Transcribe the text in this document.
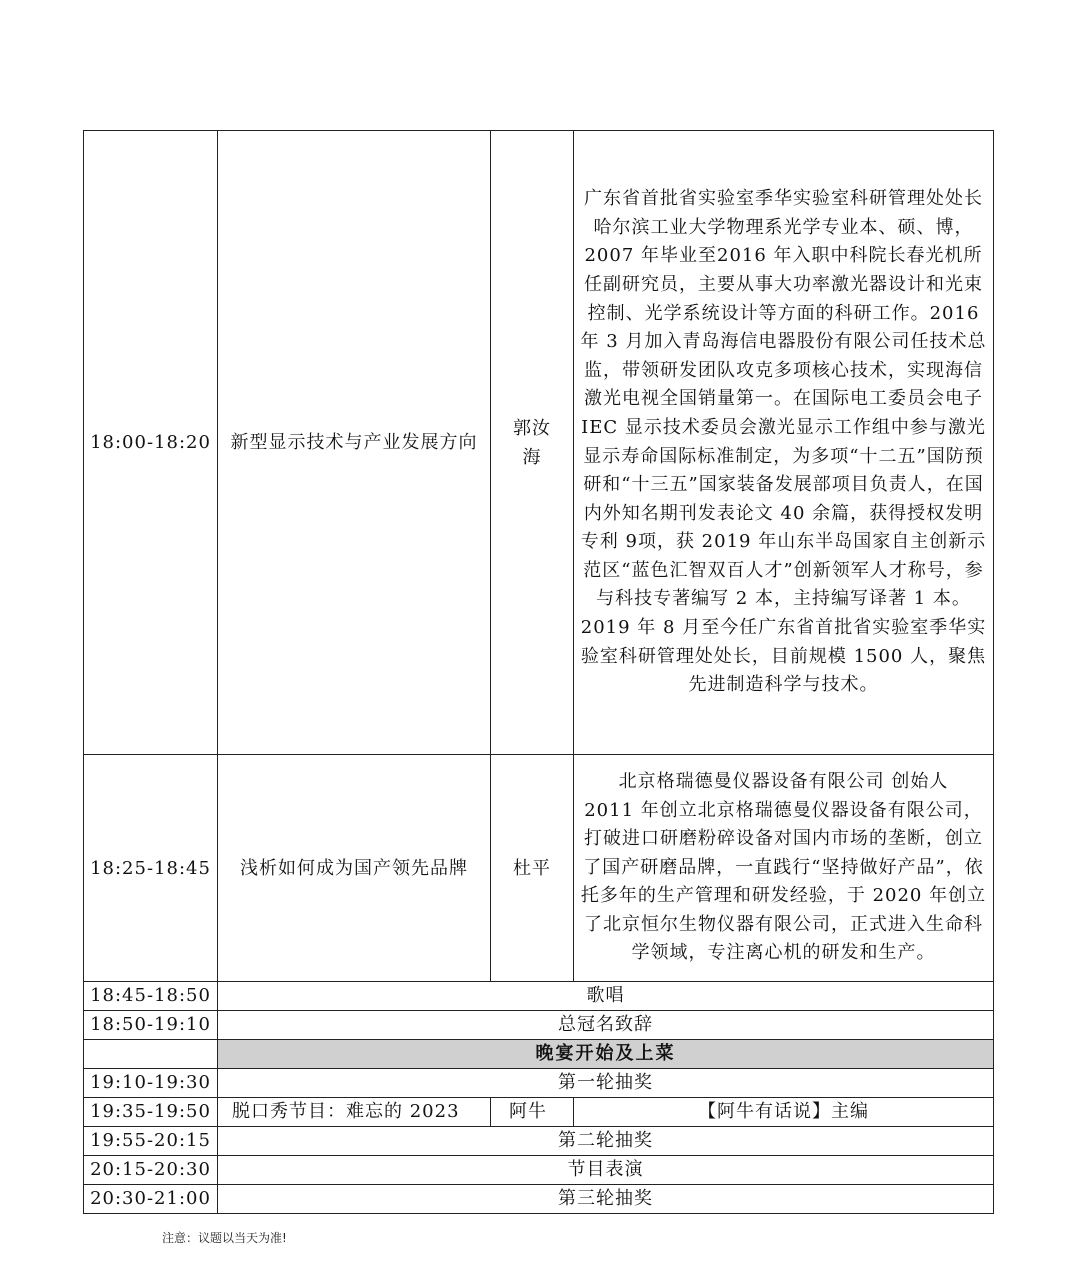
18:00-18:20	新型显示技术与产业发展方向	郭汝海	广东省首批省实验室季华实验室科研管理处处长
哈尔滨工业大学物理系光学专业本、硕、博，2007 年毕业至2016 年入职中科院长春光机所任副研究员，主要从事大功率激光器设计和光束控制、光学系统设计等方面的科研工作。2016 年 3 月加入青岛海信电器股份有限公司任技术总监，带领研发团队攻克多项核心技术，实现海信激光电视全国销量第一。在国际电工委员会电子 IEC 显示技术委员会激光显示工作组中参与激光显示寿命国际标准制定，为多项“十二五”国防预研和“十三五”国家装备发展部项目负责人，在国内外知名期刊发表论文 40 余篇，获得授权发明专利 9项，获 2019 年山东半岛国家自主创新示范区“蓝色汇智双百人才”创新领军人才称号，参与科技专著编写 2 本，主持编写译著 1 本。2019 年 8 月至今任广东省首批省实验室季华实验室科研管理处处长，目前规模 1500 人，聚焦先进制造科学与技术。

18:25-18:45	浅析如何成为国产领先品牌	杜平	北京格瑞德曼仪器设备有限公司 创始人
2011 年创立北京格瑞德曼仪器设备有限公司，打破进口研磨粉碎设备对国内市场的垄断，创立了国产研磨品牌，一直践行“坚持做好产品”，依托多年的生产管理和研发经验，于 2020 年创立了北京恒尔生物仪器有限公司，正式进入生命科学领域，专注离心机的研发和生产。

18:45-18:50	歌唱		
18:50-19:10	总冠名致辞		
	晚宴开始及上菜		
19:10-19:30	第一轮抽奖		
19:35-19:50	脱口秀节目：难忘的 2023	阿牛	【阿牛有话说】主编
19:55-20:15	第二轮抽奖		
20:15-20:30	节目表演		
20:30-21:00	第三轮抽奖		
注意：议题以当天为准!
